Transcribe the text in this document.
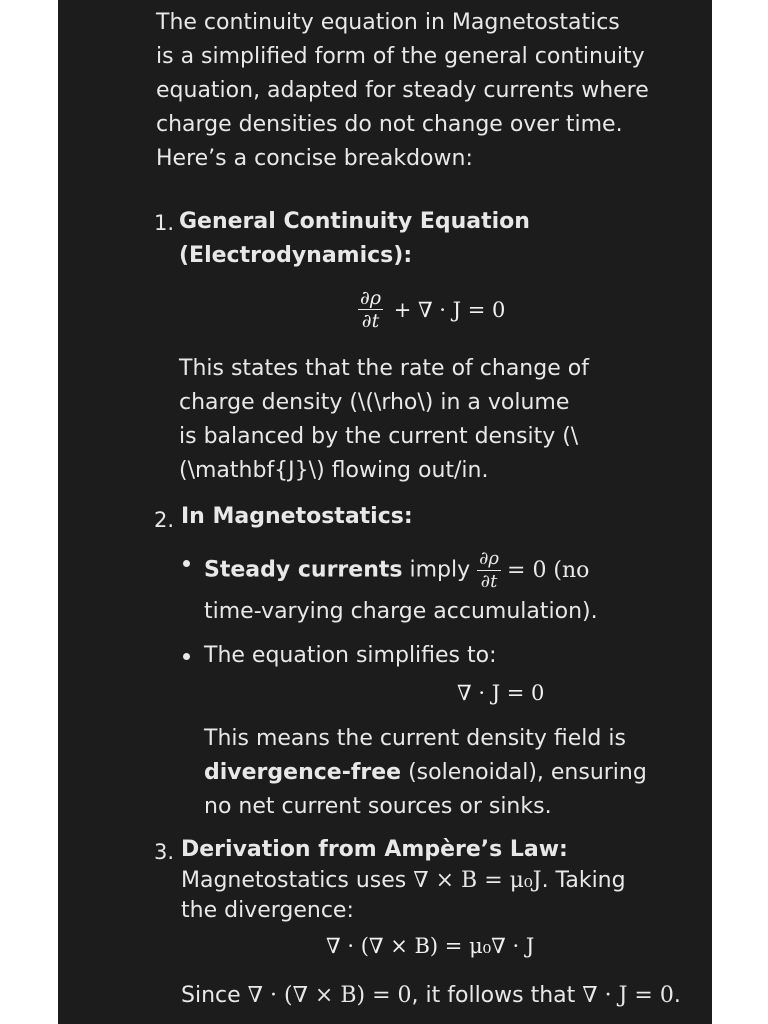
The continuity equation in Magnetostatics
is a simplified form of the general continuity
equation, adapted for steady currents where
charge densities do not change over time.
Here’s a concise breakdown:
1. General Continuity Equation
(Electrodynamics):
$\frac{\partial\rho}{\partial t}$ + ∇ · J = 0
This states that the rate of change of
charge density (\(\rho\) in a volume
is balanced by the current density (\
(\mathbf{J}\) flowing out/in.
2. In Magnetostatics:
Steady currents imply $\frac{\partial\rho}{\partial t} = 0$ (no
time-varying charge accumulation).
The equation simplifies to:
∇ · J = 0
This means the current density field is
divergence-free (solenoidal), ensuring
no net current sources or sinks.
3. Derivation from Ampère’s Law:
Magnetostatics uses ∇ × B = μ₀J. Taking
the divergence:
∇ · (∇ × B) = μ₀∇ · J
Since ∇ · (∇ × B) = 0, it follows that ∇ · J = 0.
